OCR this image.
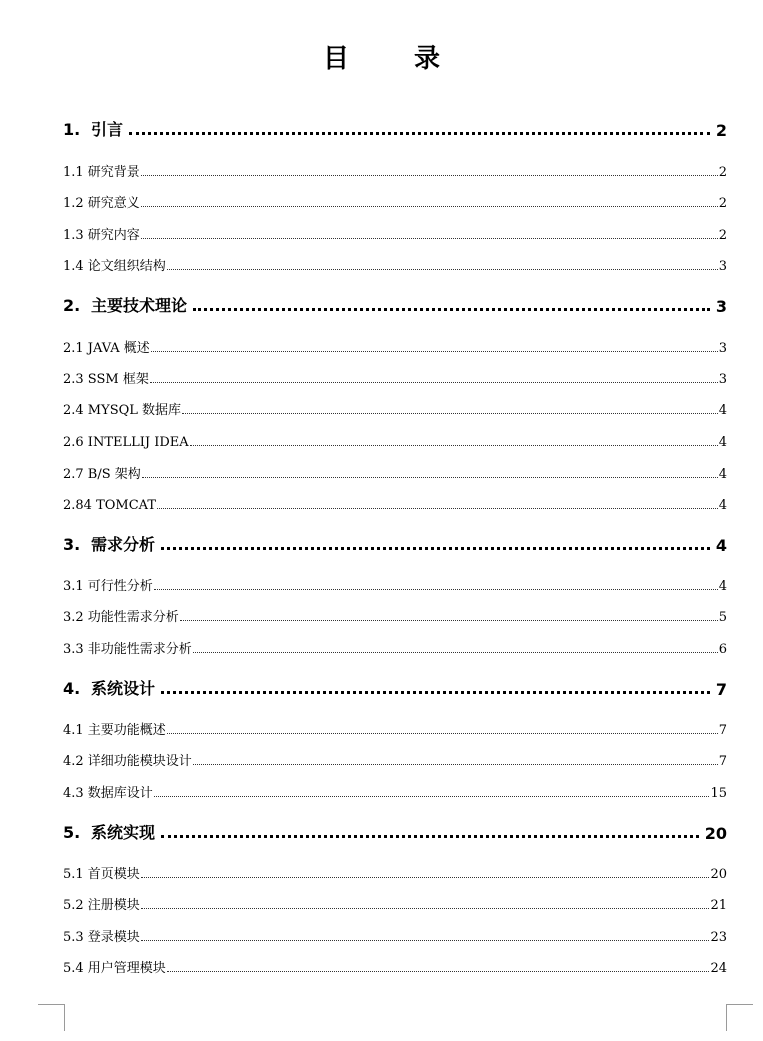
目 录
1. 引言	2
1.1 研究背景	2
1.2 研究意义	2
1.3 研究内容	2
1.4 论文组织结构	3
2. 主要技术理论	3
2.1 JAVA 概述	3
2.3 SSM 框架	3
2.4 MYSQL 数据库	4
2.6 INTELLIJ IDEA	4
2.7 B/S 架构	4
2.84 TOMCAT	4
3. 需求分析	4
3.1 可行性分析	4
3.2 功能性需求分析	5
3.3 非功能性需求分析	6
4. 系统设计	7
4.1 主要功能概述	7
4.2 详细功能模块设计	7
4.3 数据库设计	15
5. 系统实现	20
5.1 首页模块	20
5.2 注册模块	21
5.3 登录模块	23
5.4 用户管理模块	24
